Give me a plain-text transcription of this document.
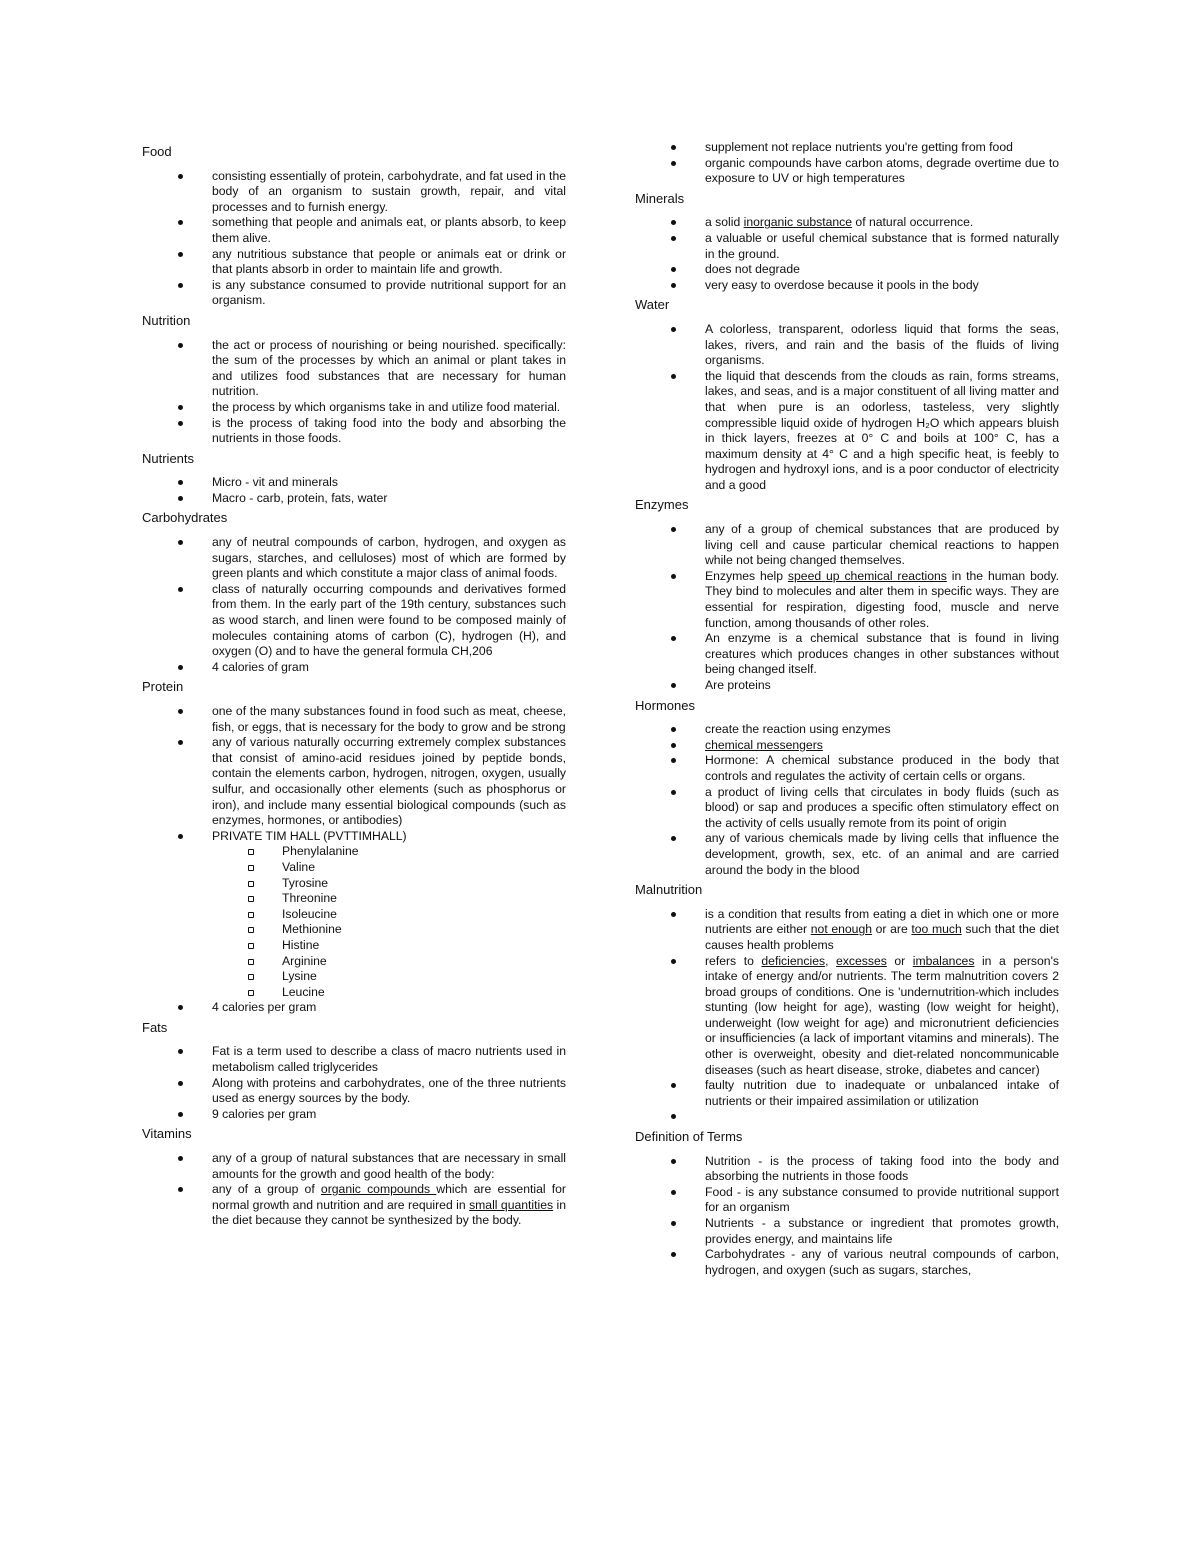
Food
consisting essentially of protein, carbohydrate, and fat used in the body of an organism to sustain growth, repair, and vital processes and to furnish energy.
something that people and animals eat, or plants absorb, to keep them alive.
any nutritious substance that people or animals eat or drink or that plants absorb in order to maintain life and growth.
is any substance consumed to provide nutritional support for an organism.
Nutrition
the act or process of nourishing or being nourished. specifically: the sum of the processes by which an animal or plant takes in and utilizes food substances that are necessary for human nutrition.
the process by which organisms take in and utilize food material.
is the process of taking food into the body and absorbing the nutrients in those foods.
Nutrients
Micro - vit and minerals
Macro - carb, protein, fats, water
Carbohydrates
any of neutral compounds of carbon, hydrogen, and oxygen as sugars, starches, and celluloses) most of which are formed by green plants and which constitute a major class of animal foods.
class of naturally occurring compounds and derivatives formed from them. In the early part of the 19th century, substances such as wood starch, and linen were found to be composed mainly of molecules containing atoms of carbon (C), hydrogen (H), and oxygen (O) and to have the general formula CH,206
4 calories of gram
Protein
one of the many substances found in food such as meat, cheese, fish, or eggs, that is necessary for the body to grow and be strong
any of various naturally occurring extremely complex substances that consist of amino-acid residues joined by peptide bonds, contain the elements carbon, hydrogen, nitrogen, oxygen, usually sulfur, and occasionally other elements (such as phosphorus or iron), and include many essential biological compounds (such as enzymes, hormones, or antibodies)
PRIVATE TIM HALL (PVTTIMHALL)
Phenylalanine
Valine
Tyrosine
Threonine
Isoleucine
Methionine
Histine
Arginine
Lysine
Leucine
4 calories per gram
Fats
Fat is a term used to describe a class of macro nutrients used in metabolism called triglycerides
Along with proteins and carbohydrates, one of the three nutrients used as energy sources by the body.
9 calories per gram
Vitamins
any of a group of natural substances that are necessary in small amounts for the growth and good health of the body:
any of a group of organic compounds which are essential for normal growth and nutrition and are required in small quantities in the diet because they cannot be synthesized by the body.
supplement not replace nutrients you're getting from food
organic compounds have carbon atoms, degrade overtime due to exposure to UV or high temperatures
Minerals
a solid inorganic substance of natural occurrence.
a valuable or useful chemical substance that is formed naturally in the ground.
does not degrade
very easy to overdose because it pools in the body
Water
A colorless, transparent, odorless liquid that forms the seas, lakes, rivers, and rain and the basis of the fluids of living organisms.
the liquid that descends from the clouds as rain, forms streams, lakes, and seas, and is a major constituent of all living matter and that when pure is an odorless, tasteless, very slightly compressible liquid oxide of hydrogen H₂O which appears bluish in thick layers, freezes at 0° C and boils at 100° C, has a maximum density at 4° C and a high specific heat, is feebly to hydrogen and hydroxyl ions, and is a poor conductor of electricity and a good
Enzymes
any of a group of chemical substances that are produced by living cell and cause particular chemical reactions to happen while not being changed themselves.
Enzymes help speed up chemical reactions in the human body. They bind to molecules and alter them in specific ways. They are essential for respiration, digesting food, muscle and nerve function, among thousands of other roles.
An enzyme is a chemical substance that is found in living creatures which produces changes in other substances without being changed itself.
Are proteins
Hormones
create the reaction using enzymes
chemical messengers
Hormone: A chemical substance produced in the body that controls and regulates the activity of certain cells or organs.
a product of living cells that circulates in body fluids (such as blood) or sap and produces a specific often stimulatory effect on the activity of cells usually remote from its point of origin
any of various chemicals made by living cells that influence the development, growth, sex, etc. of an animal and are carried around the body in the blood
Malnutrition
is a condition that results from eating a diet in which one or more nutrients are either not enough or are too much such that the diet causes health problems
refers to deficiencies, excesses or imbalances in a person's intake of energy and/or nutrients. The term malnutrition covers 2 broad groups of conditions. One is 'undernutrition-which includes stunting (low height for age), wasting (low weight for height), underweight (low weight for age) and micronutrient deficiencies or insufficiencies (a lack of important vitamins and minerals). The other is overweight, obesity and diet-related noncommunicable diseases (such as heart disease, stroke, diabetes and cancer)
faulty nutrition due to inadequate or unbalanced intake of nutrients or their impaired assimilation or utilization
Definition of Terms
Nutrition - is the process of taking food into the body and absorbing the nutrients in those foods
Food - is any substance consumed to provide nutritional support for an organism
Nutrients - a substance or ingredient that promotes growth, provides energy, and maintains life
Carbohydrates - any of various neutral compounds of carbon, hydrogen, and oxygen (such as sugars, starches,
